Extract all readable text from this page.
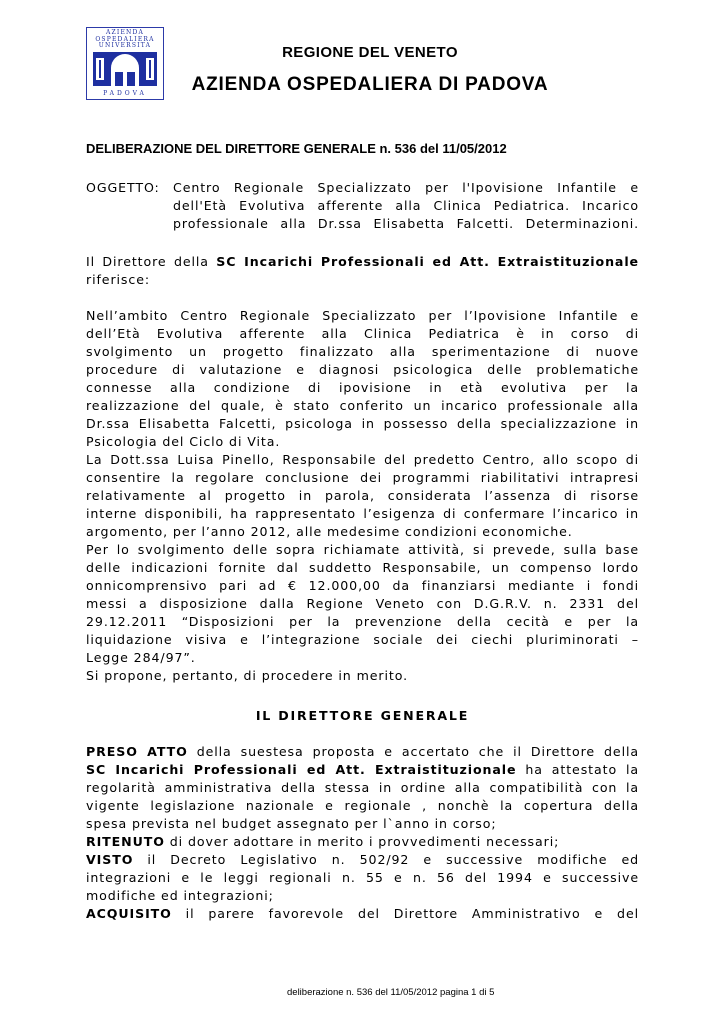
AZIENDA
OSPEDALIERA
UNIVERSITA
PADOVA
REGIONE DEL VENETO
AZIENDA OSPEDALIERA DI PADOVA
DELIBERAZIONE DEL DIRETTORE GENERALE n. 536 del 11/05/2012
OGGETTO: Centro Regionale Specializzato per l'Ipovisione Infantile e
dell'Età Evolutiva afferente alla Clinica Pediatrica. Incarico
professionale alla Dr.ssa Elisabetta Falcetti. Determinazioni.
Il Direttore della SC Incarichi Professionali ed Att. Extraistituzionale
riferisce:
Nell’ambito Centro Regionale Specializzato per l’Ipovisione Infantile e
dell’Età Evolutiva afferente alla Clinica Pediatrica è in corso di
svolgimento un progetto finalizzato alla sperimentazione di nuove
procedure di valutazione e diagnosi psicologica delle problematiche
connesse alla condizione di ipovisione in età evolutiva per la
realizzazione del quale, è stato conferito un incarico professionale alla
Dr.ssa Elisabetta Falcetti, psicologa in possesso della specializzazione in
Psicologia del Ciclo di Vita.
La Dott.ssa Luisa Pinello, Responsabile del predetto Centro, allo scopo di
consentire la regolare conclusione dei programmi riabilitativi intrapresi
relativamente al progetto in parola, considerata l’assenza di risorse
interne disponibili, ha rappresentato l’esigenza di confermare l’incarico in
argomento, per l’anno 2012, alle medesime condizioni economiche.
Per lo svolgimento delle sopra richiamate attività, si prevede, sulla base
delle indicazioni fornite dal suddetto Responsabile, un compenso lordo
onnicomprensivo pari ad € 12.000,00 da finanziarsi mediante i fondi
messi a disposizione dalla Regione Veneto con D.G.R.V. n. 2331 del
29.12.2011 “Disposizioni per la prevenzione della cecità e per la
liquidazione visiva e l’integrazione sociale dei ciechi pluriminorati –
Legge 284/97”.
Si propone, pertanto, di procedere in merito.
IL DIRETTORE GENERALE
PRESO ATTO della suestesa proposta e accertato che il Direttore della
SC Incarichi Professionali ed Att. Extraistituzionale ha attestato la
regolarità amministrativa della stessa in ordine alla compatibilità con la
vigente legislazione nazionale e regionale , nonchè la copertura della
spesa prevista nel budget assegnato per l`anno in corso;
RITENUTO di dover adottare in merito i provvedimenti necessari;
VISTO il Decreto Legislativo n. 502/92 e successive modifiche ed
integrazioni e le leggi regionali n. 55 e n. 56 del 1994 e successive
modifiche ed integrazioni;
ACQUISITO il parere favorevole del Direttore Amministrativo e del
deliberazione n. 536 del 11/05/2012 pagina 1 di 5
